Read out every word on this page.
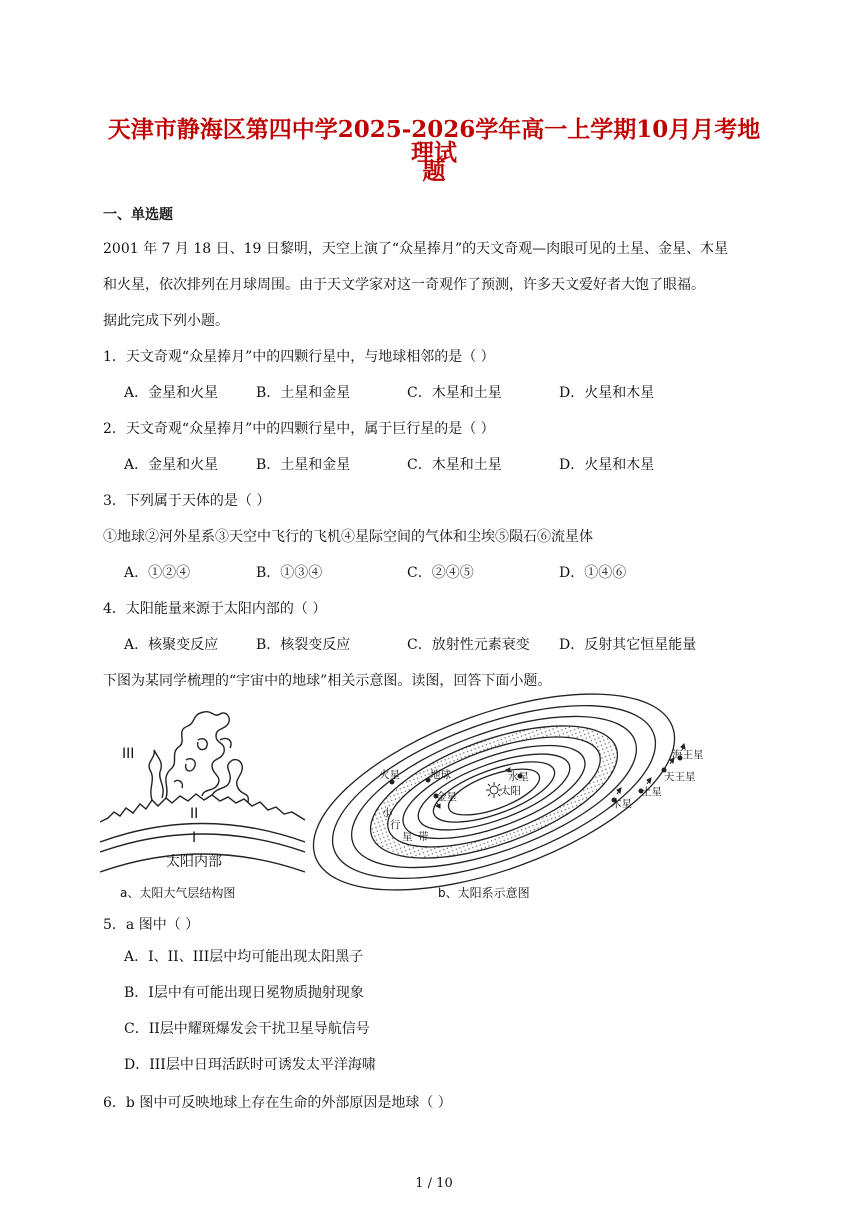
天津市静海区第四中学2025-2026学年高一上学期10月月考地理试
题
一、单选题
2001 年 7 月 18 日、19 日黎明，天空上演了“众星捧月”的天文奇观—肉眼可见的土星、金星、木星
和火星，依次排列在月球周围。由于天文学家对这一奇观作了预测，许多天文爱好者大饱了眼福。
据此完成下列小题。
1．天文奇观“众星捧月”中的四颗行星中，与地球相邻的是（ ）
A．金星和火星	B．土星和金星	C．木星和土星	D．火星和木星
2．天文奇观“众星捧月”中的四颗行星中，属于巨行星的是（ ）
A．金星和火星	B．土星和金星	C．木星和土星	D．火星和木星
3．下列属于天体的是（ ）
①地球②河外星系③天空中飞行的飞机④星际空间的气体和尘埃⑤陨石⑥流星体
A．①②④	B．①③④	C．②④⑤	D．①④⑥
4．太阳能量来源于太阳内部的（ ）
A．核聚变反应	B．核裂变反应	C．放射性元素衰变 D．反射其它恒星能量
下图为某同学梳理的“宇宙中的地球”相关示意图。读图，回答下面小题。
III
II
I
太阳内部
a、太阳大气层结构图
水星
太阳
金星
地球
火星
小
行
星 带
木星
土星
天王星
海王星
b、太阳系示意图
5．a 图中（ ）
A．I、II、III层中均可能出现太阳黑子
B．I层中有可能出现日冕物质抛射现象
C．II层中耀斑爆发会干扰卫星导航信号
D．III层中日珥活跃时可诱发太平洋海啸
6．b 图中可反映地球上存在生命的外部原因是地球（ ）
1 / 10
